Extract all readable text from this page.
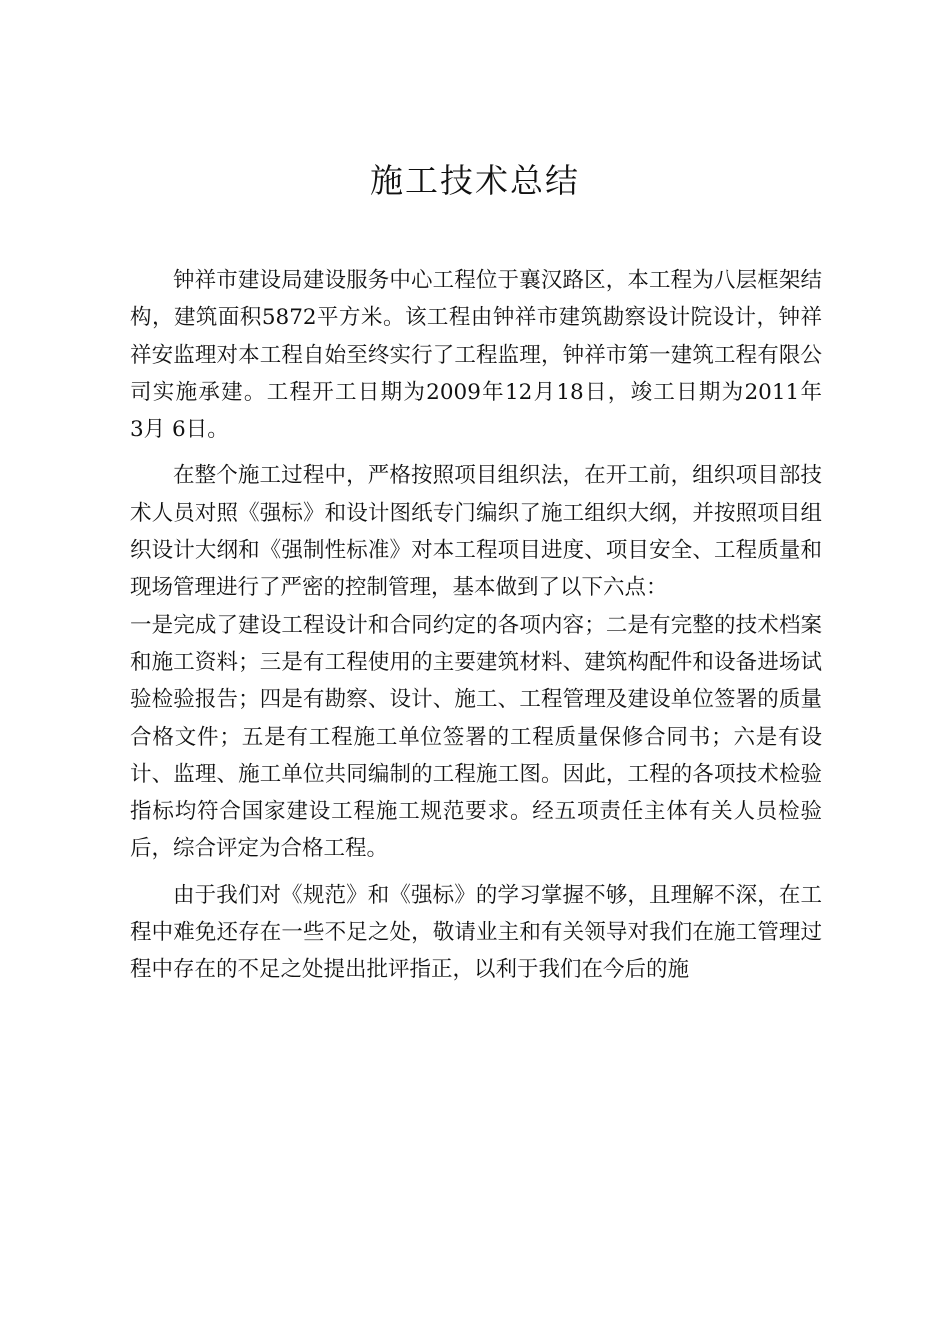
施工技术总结

钟祥市建设局建设服务中心工程位于襄汉路区，本工程为八层框架结构，建筑面积5872平方米。该工程由钟祥市建筑勘察设计院设计，钟祥祥安监理对本工程自始至终实行了工程监理，钟祥市第一建筑工程有限公司实施承建。工程开工日期为2009年12月18日，竣工日期为2011年　3月 6日。

在整个施工过程中，严格按照项目组织法，在开工前，组织项目部技术人员对照《强标》和设计图纸专门编织了施工组织大纲，并按照项目组织设计大纲和《强制性标准》对本工程项目进度、项目安全、工程质量和现场管理进行了严密的控制管理，基本做到了以下六点：

一是完成了建设工程设计和合同约定的各项内容；二是有完整的技术档案和施工资料；三是有工程使用的主要建筑材料、建筑构配件和设备进场试验检验报告；四是有勘察、设计、施工、工程管理及建设单位签署的质量合格文件；五是有工程施工单位签署的工程质量保修合同书；六是有设计、监理、施工单位共同编制的工程施工图。因此，工程的各项技术检验指标均符合国家建设工程施工规范要求。经五项责任主体有关人员检验后，综合评定为合格工程。

由于我们对《规范》和《强标》的学习掌握不够，且理解不深，在工程中难免还存在一些不足之处，敬请业主和有关领导对我们在施工管理过程中存在的不足之处提出批评指正，以利于我们在今后的施
